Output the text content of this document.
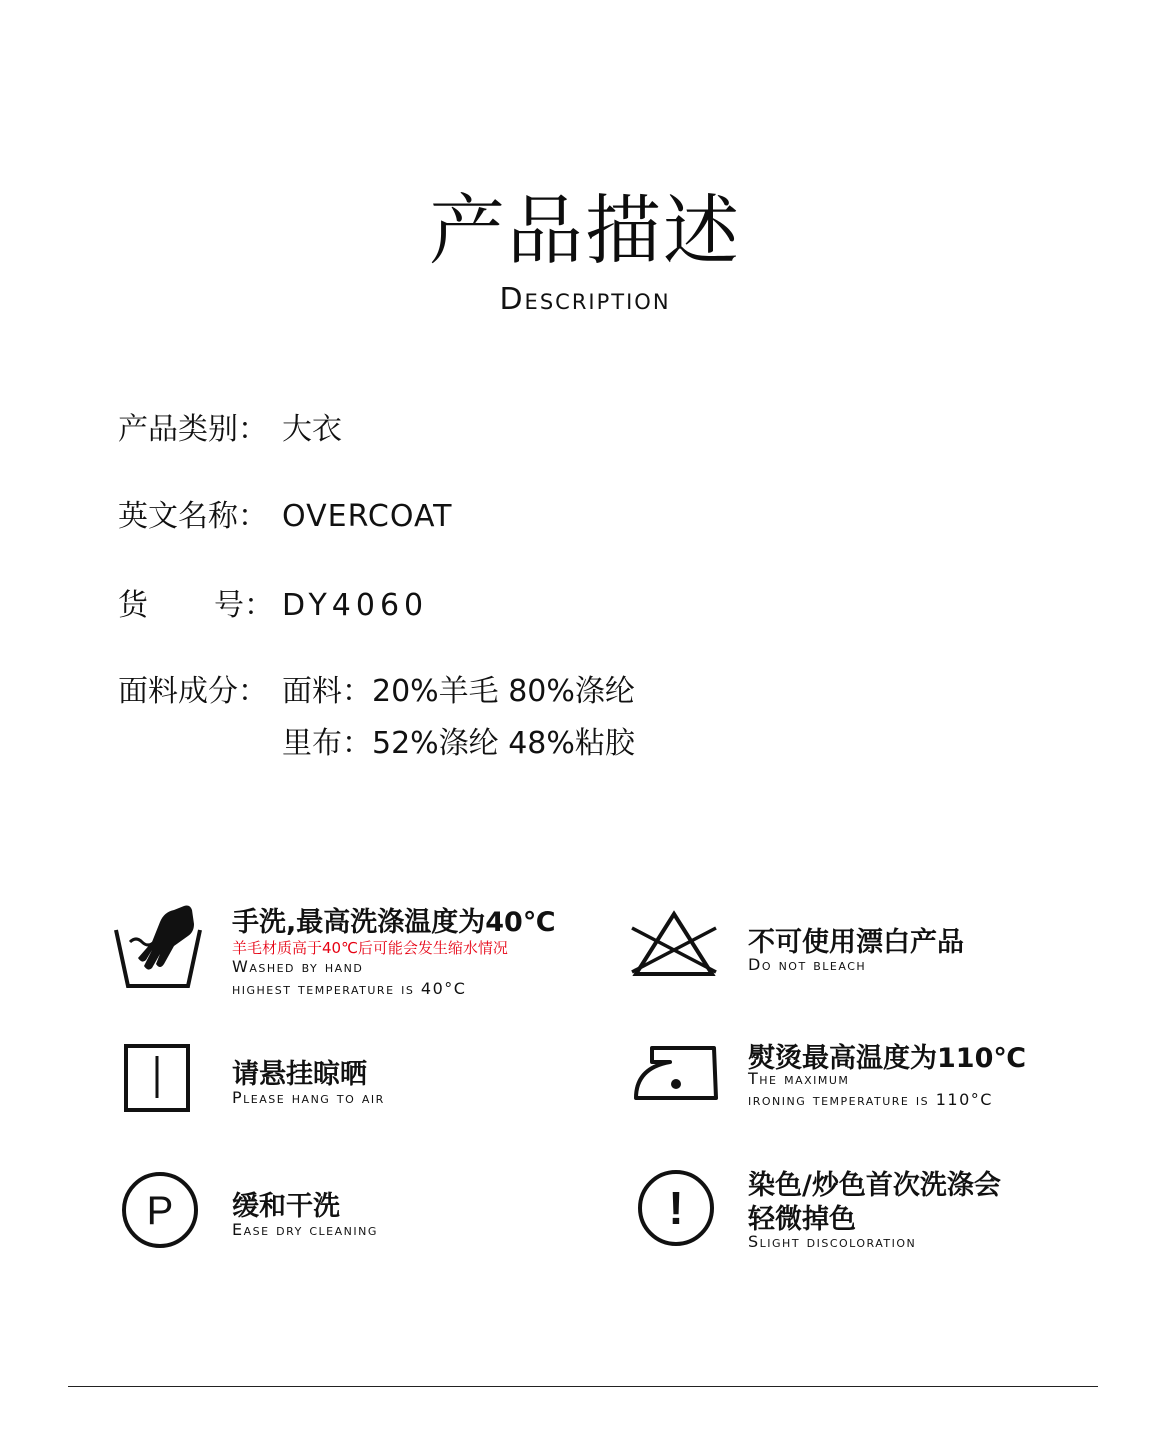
产品描述
Description
产品类别： 大衣
英文名称： OVERCOAT
货 号： DY4060
面料成分： 面料：20%羊毛 80%涤纶
里布：52%涤纶 48%粘胶
手洗,最高洗涤温度为40℃
羊毛材质高于40℃后可能会发生缩水情况
Washed by hand
highest temperature is 40°C
不可使用漂白产品
Do not bleach
请悬挂晾晒
Please hang to air
熨烫最高温度为110℃
The maximum
ironing temperature is 110°C
P 缓和干洗
Ease dry cleaning	! 染色/炒色首次洗涤会
轻微掉色
Slight discoloration
